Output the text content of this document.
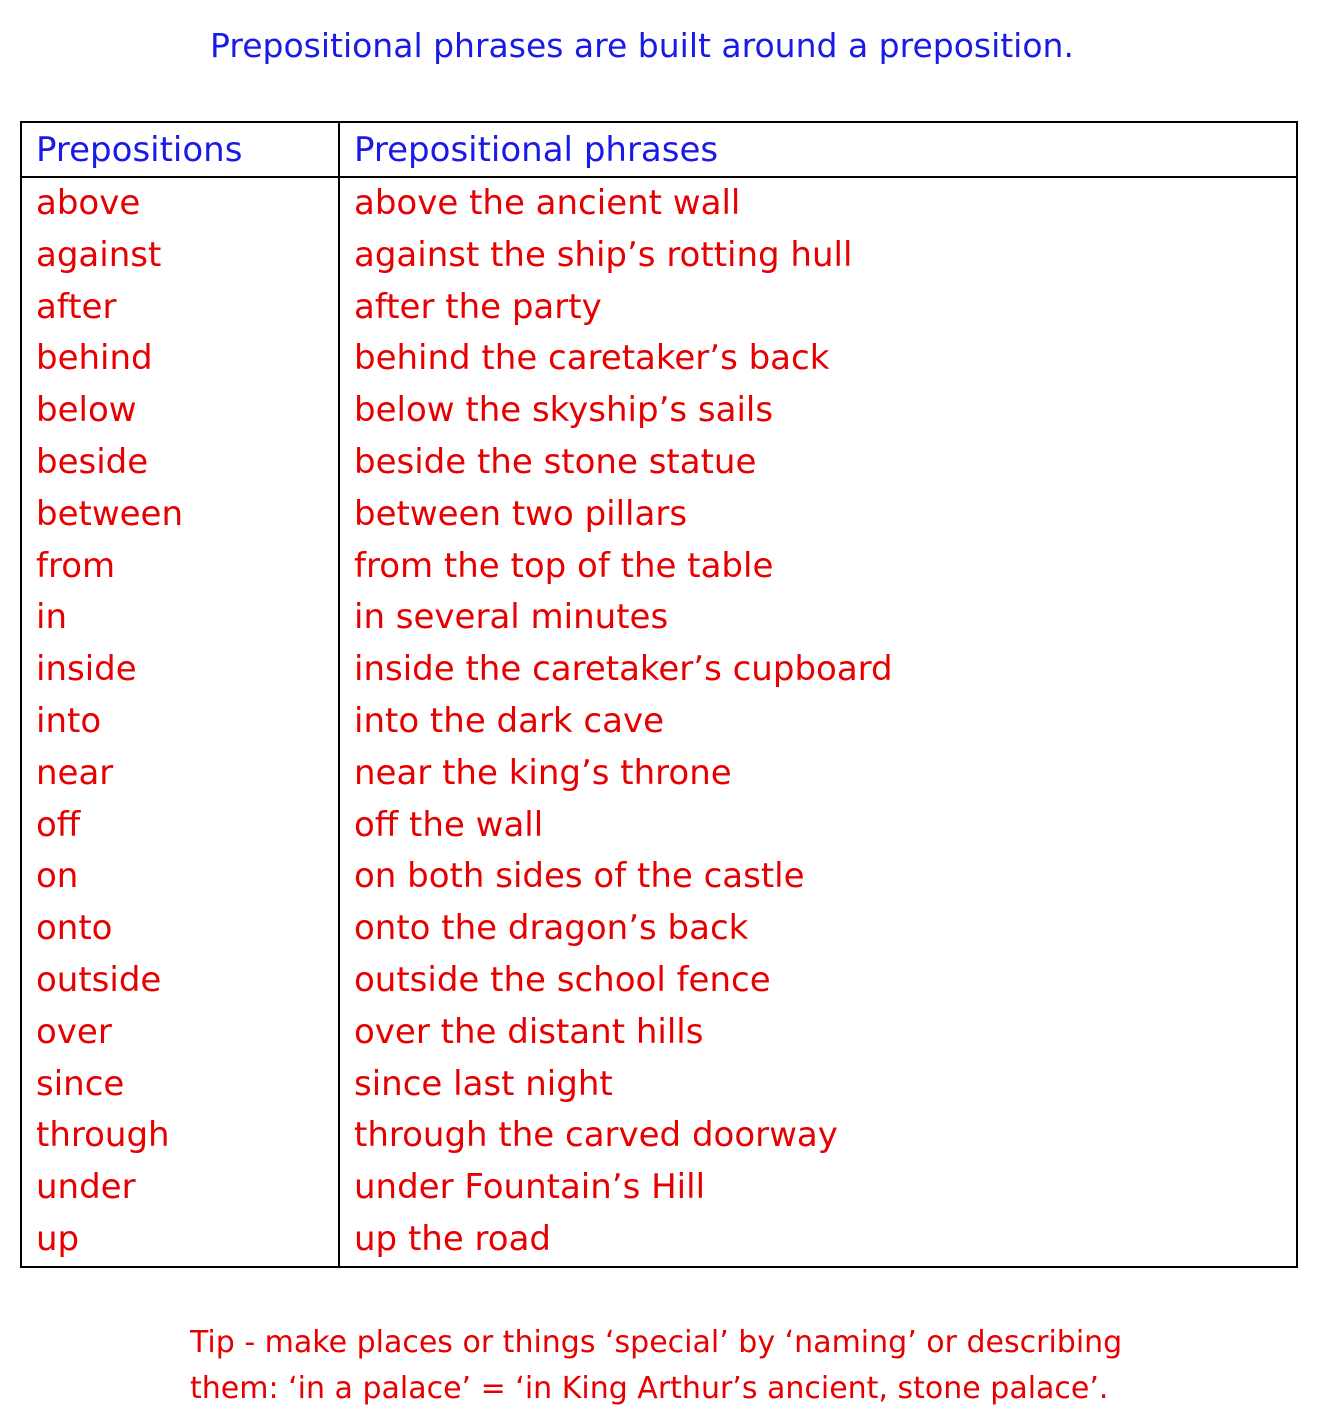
Prepositional phrases are built around a preposition.
Prepositions	Prepositional phrases
above	above the ancient wall
against	against the ship’s rotting hull
after	after the party
behind	behind the caretaker’s back
below	below the skyship’s sails
beside	beside the stone statue
between	between two pillars
from	from the top of the table
in	in several minutes
inside	inside the caretaker’s cupboard
into	into the dark cave
near	near the king’s throne
off	off the wall
on	on both sides of the castle
onto	onto the dragon’s back
outside	outside the school fence
over	over the distant hills
since	since last night
through	through the carved doorway
under	under Fountain’s Hill
up	up the road

Tip - make places or things ‘special’ by ‘naming’ or describing
them: ‘in a palace’ = ‘in King Arthur’s ancient, stone palace’.
